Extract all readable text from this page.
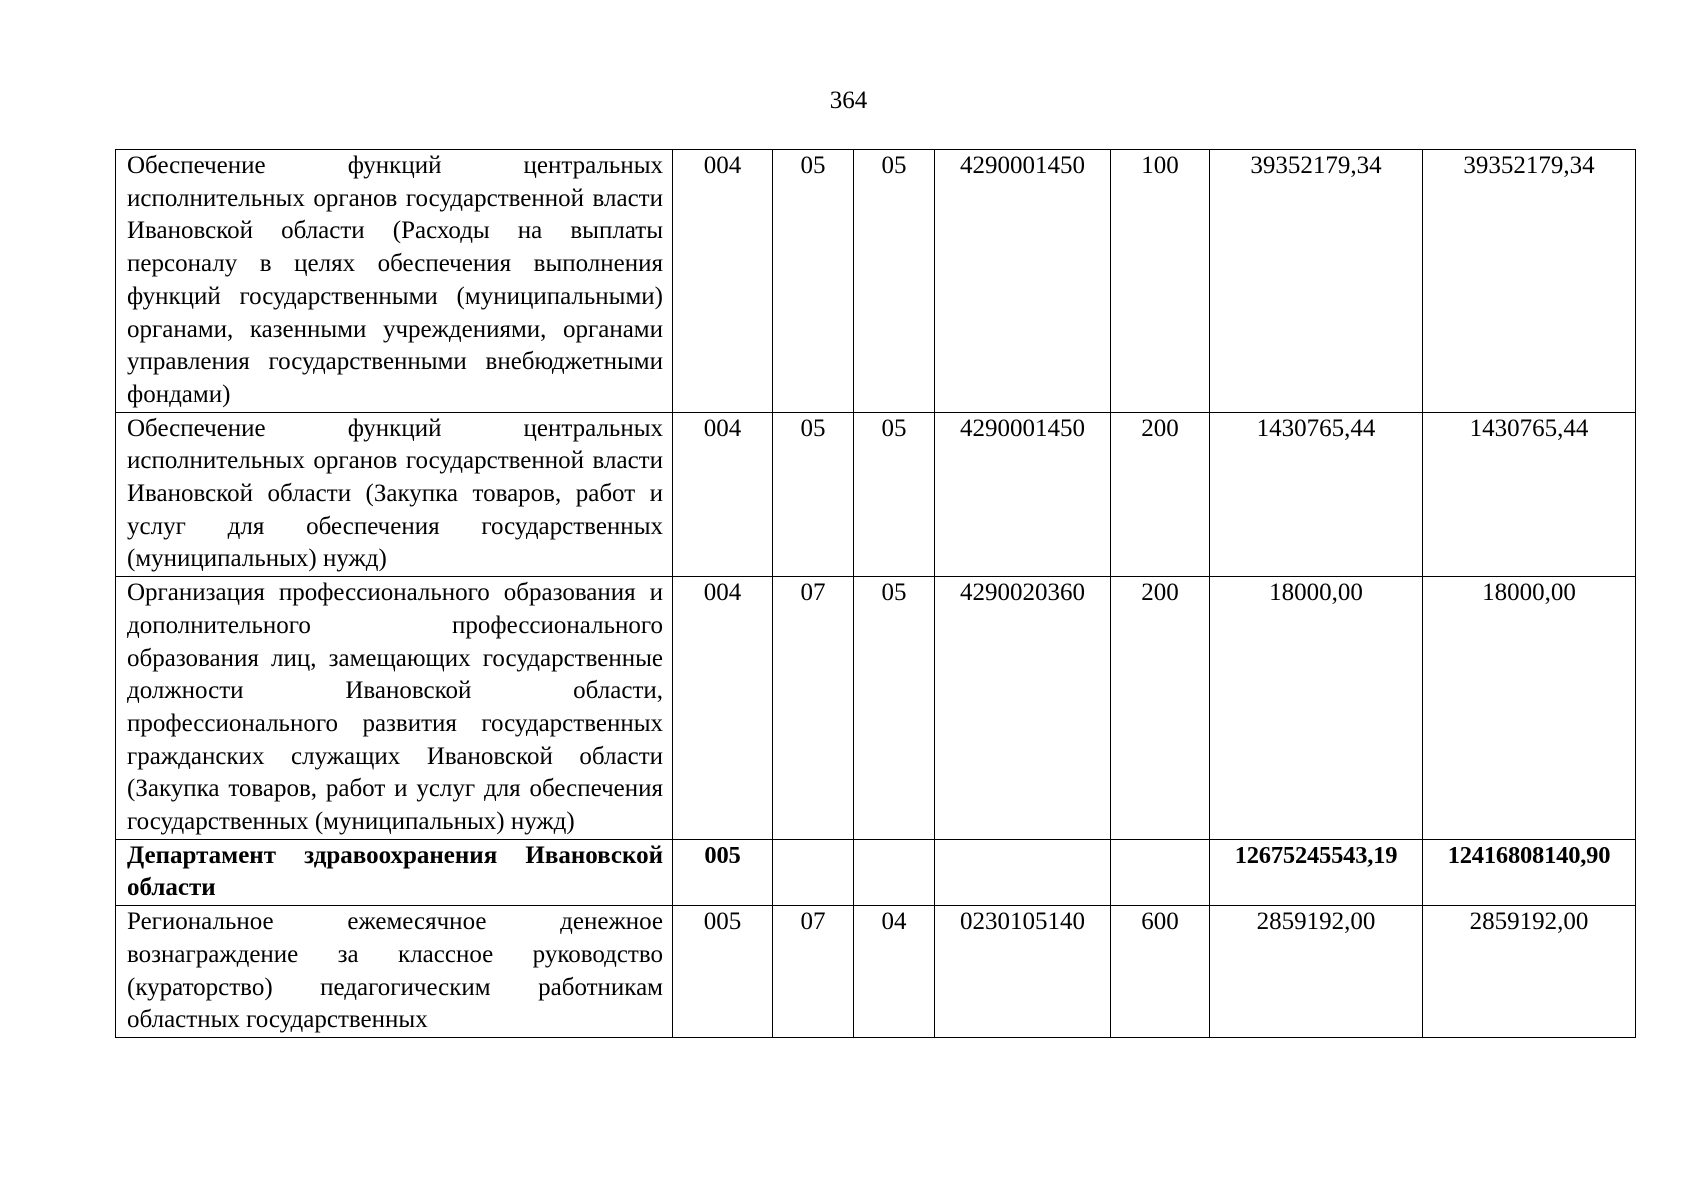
364
Обеспечение функций центральных исполнительных органов государственной власти Ивановской области (Расходы на выплаты персоналу в целях обеспечения выполнения функций государственными (муниципальными) органами, казенными учреждениями, органами управления государственными внебюджетными фондами)	004	05	05	4290001450	100	39352179,34	39352179,34
Обеспечение функций центральных исполнительных органов государственной власти Ивановской области (Закупка товаров, работ и услуг для обеспечения государственных (муниципальных) нужд)	004	05	05	4290001450	200	1430765,44	1430765,44
Организация профессионального образования и дополнительного профессионального образования лиц, замещающих государственные должности Ивановской области, профессионального развития государственных гражданских служащих Ивановской области (Закупка товаров, работ и услуг для обеспечения государственных (муниципальных) нужд)	004	07	05	4290020360	200	18000,00	18000,00
Департамент здравоохранения Ивановской области	005					12675245543,19	12416808140,90
Региональное ежемесячное денежное вознаграждение за классное руководство (кураторство) педагогическим работникам областных государственных	005	07	04	0230105140	600	2859192,00	2859192,00
